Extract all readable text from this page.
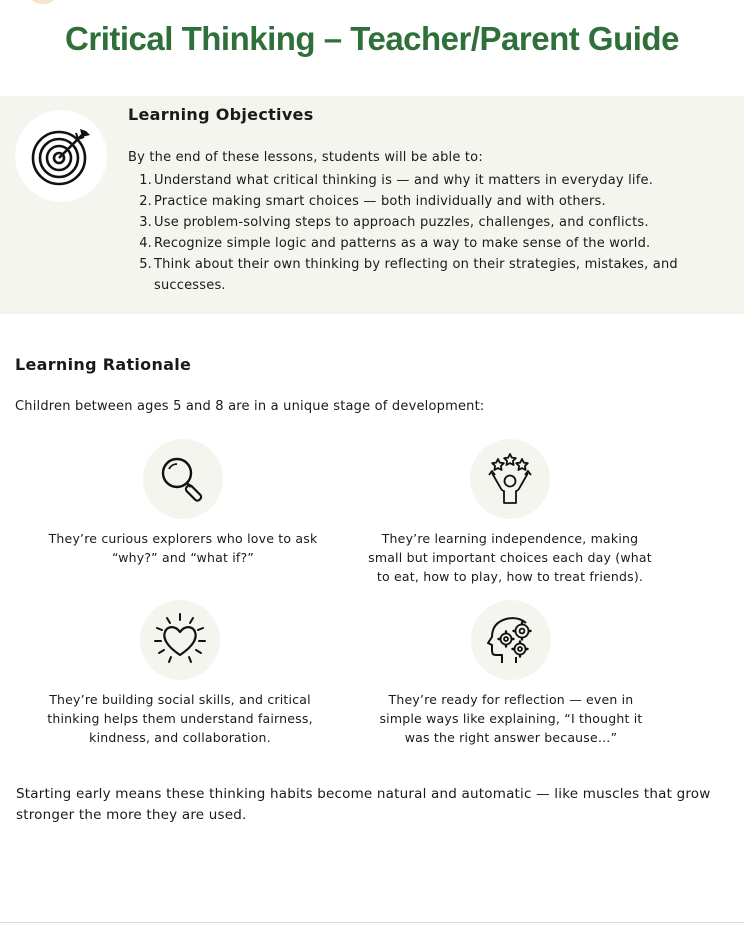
Critical Thinking – Teacher/Parent Guide
Learning Objectives

By the end of these lessons, students will be able to:

1. Understand what critical thinking is — and why it matters in everyday life.
2. Practice making smart choices — both individually and with others.
3. Use problem-solving steps to approach puzzles, challenges, and conflicts.
4. Recognize simple logic and patterns as a way to make sense of the world.
5. Think about their own thinking by reflecting on their strategies, mistakes, and successes.
Learning Rationale

Children between ages 5 and 8 are in a unique stage of development:

They’re curious explorers who love to ask “why?” and “what if?”
They’re learning independence, making small but important choices each day (what to eat, how to play, how to treat friends).
They’re building social skills, and critical thinking helps them understand fairness, kindness, and collaboration.
They’re ready for reflection — even in simple ways like explaining, “I thought it was the right answer because…”

Starting early means these thinking habits become natural and automatic — like muscles that grow stronger the more they are used.
